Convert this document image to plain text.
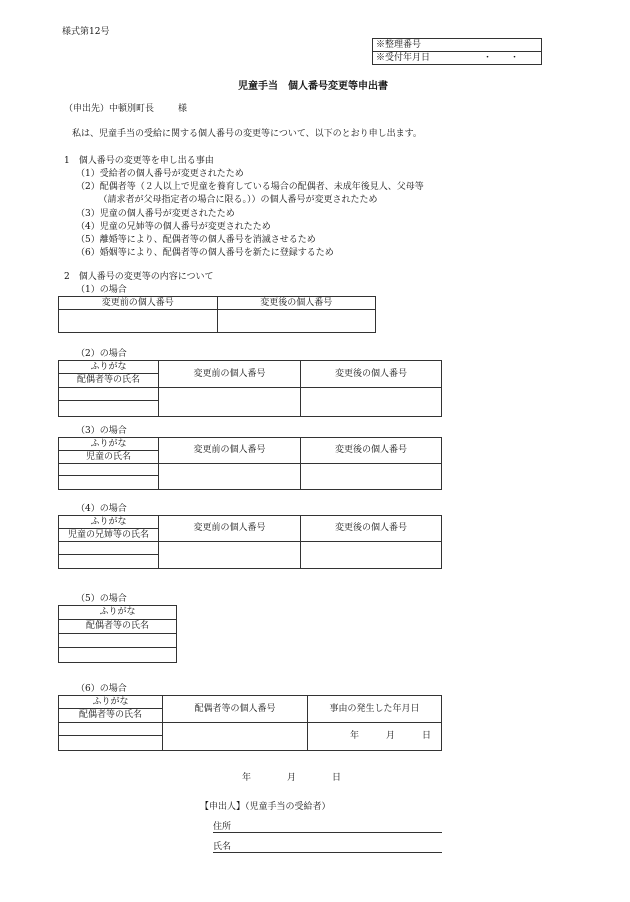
様式第12号
※整理番号
※受付年月日	・　　・
児童手当　個人番号変更等申出書
（申出先）中頓別町長	様
私は、児童手当の受給に関する個人番号の変更等について、以下のとおり申し出ます。
1　個人番号の変更等を申し出る事由
（1）受給者の個人番号が変更されたため
（2）配偶者等（２人以上で児童を養育している場合の配偶者、未成年後見人、父母等
　　　（請求者が父母指定者の場合に限る。））の個人番号が変更されたため
（3）児童の個人番号が変更されたため
（4）児童の兄姉等の個人番号が変更されたため
（5）離婚等により、配偶者等の個人番号を消滅させるため
（6）婚姻等により、配偶者等の個人番号を新たに登録するため
2　個人番号の変更等の内容について
（1）の場合
変更前の個人番号	変更後の個人番号

（2）の場合
ふりがな	変更前の個人番号	変更後の個人番号
配偶者等の氏名		

（3）の場合
ふりがな	変更前の個人番号	変更後の個人番号
児童の氏名		

（4）の場合
ふりがな	変更前の個人番号	変更後の個人番号
児童の兄姉等の氏名		

（5）の場合
ふりがな
配偶者等の氏名

（6）の場合
ふりがな	配偶者等の個人番号	事由の発生した年月日
配偶者等の氏名		

	年　　　月　　　日

年　　　　月　　　　日
【申出人】（児童手当の受給者）
住所
氏名
